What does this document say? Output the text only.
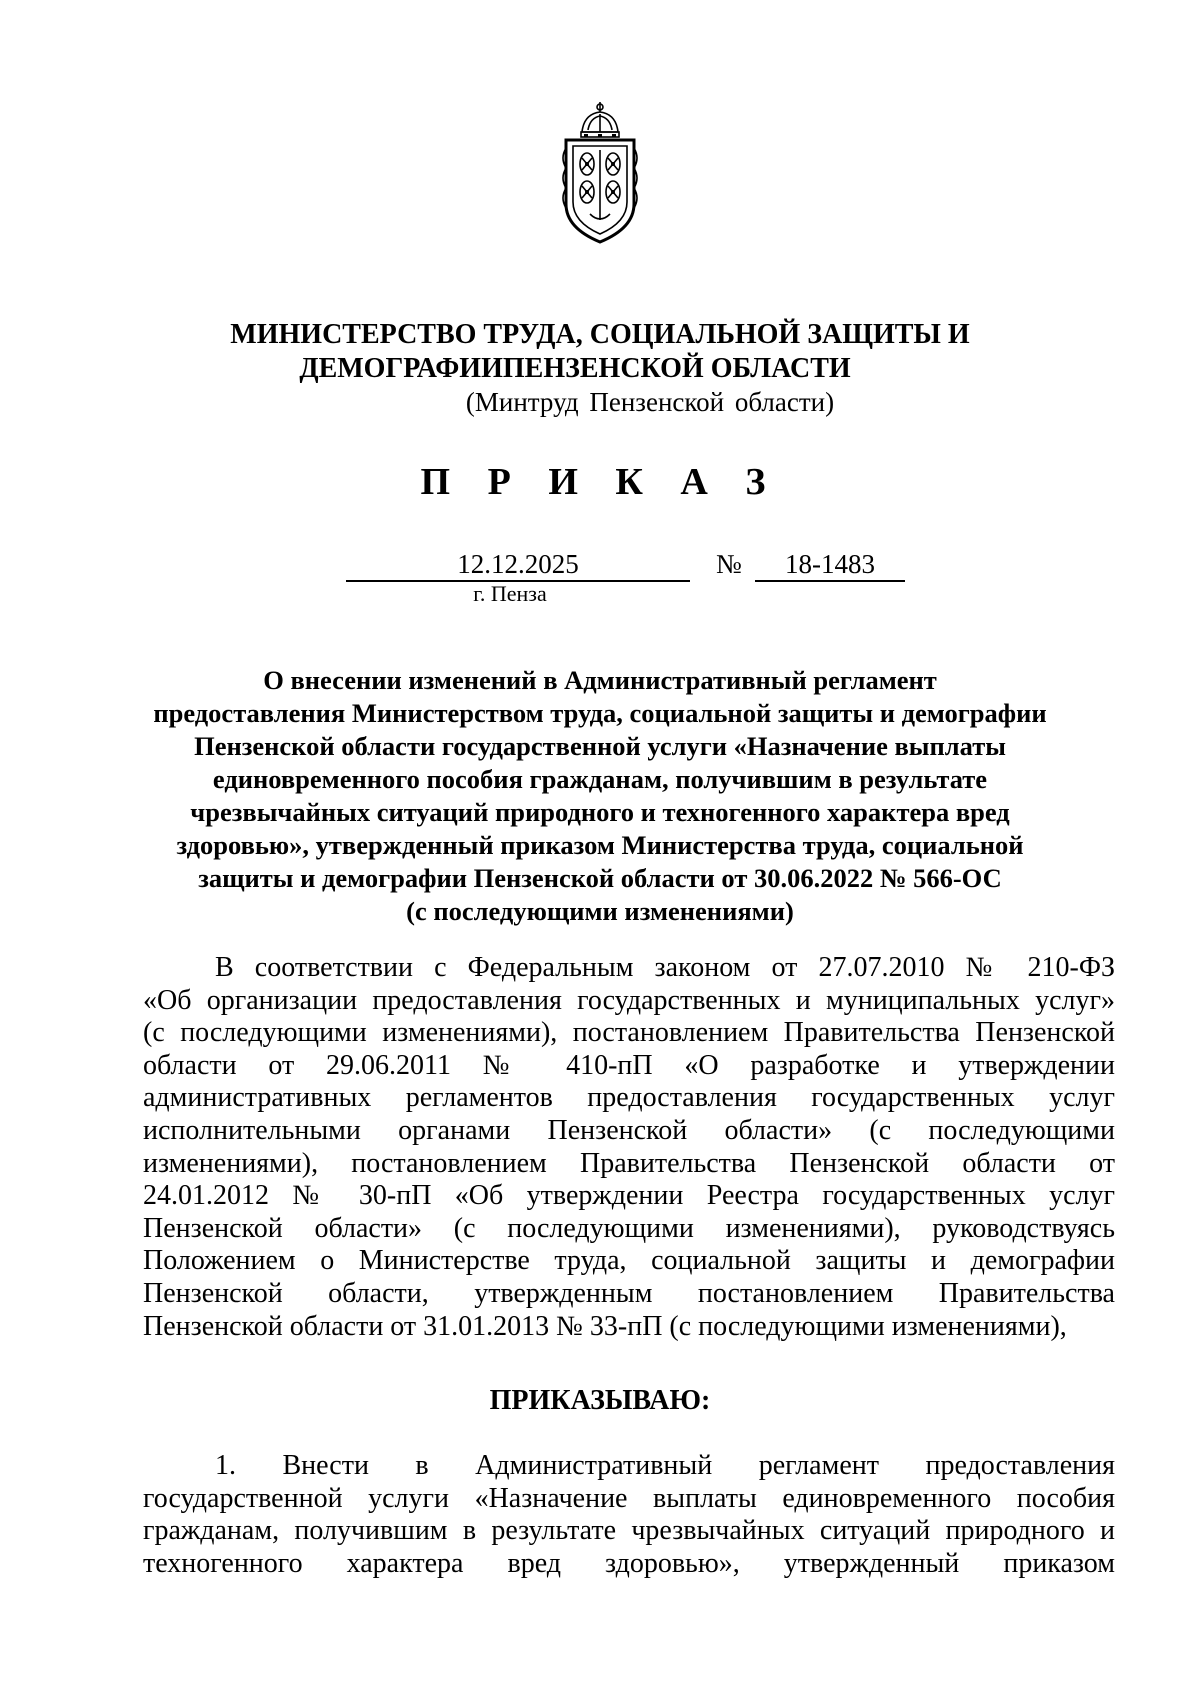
МИНИСТЕРСТВО ТРУДА, СОЦИАЛЬНОЙ ЗАЩИТЫ И
ДЕМОГРАФИИПЕНЗЕНСКОЙ ОБЛАСТИ
(Минтруд Пензенской области)
П Р И К А З
12.12.2025	№	18-1483
г. Пенза
О внесении изменений в Административный регламент
предоставления Министерством труда, социальной защиты и демографии
Пензенской области государственной услуги «Назначение выплаты
единовременного пособия гражданам, получившим в результате
чрезвычайных ситуаций природного и техногенного характера вред
здоровью», утвержденный приказом Министерства труда, социальной
защиты и демографии Пензенской области от 30.06.2022 № 566-ОС
(с последующими изменениями)
В соответствии с Федеральным законом от 27.07.2010 № 210-ФЗ
«Об организации предоставления государственных и муниципальных услуг»
(с последующими изменениями), постановлением Правительства Пензенской
области от 29.06.2011 № 410-пП «О разработке и утверждении
административных регламентов предоставления государственных услуг
исполнительными органами Пензенской области» (с последующими
изменениями), постановлением Правительства Пензенской области от
24.01.2012 № 30-пП «Об утверждении Реестра государственных услуг
Пензенской области» (с последующими изменениями), руководствуясь
Положением о Министерстве труда, социальной защиты и демографии
Пензенской области, утвержденным постановлением Правительства
Пензенской области от 31.01.2013 № 33-пП (с последующими изменениями),
ПРИКАЗЫВАЮ:
1. Внести в Административный регламент предоставления
государственной услуги «Назначение выплаты единовременного пособия
гражданам, получившим в результате чрезвычайных ситуаций природного и
техногенного характера вред здоровью», утвержденный приказом
